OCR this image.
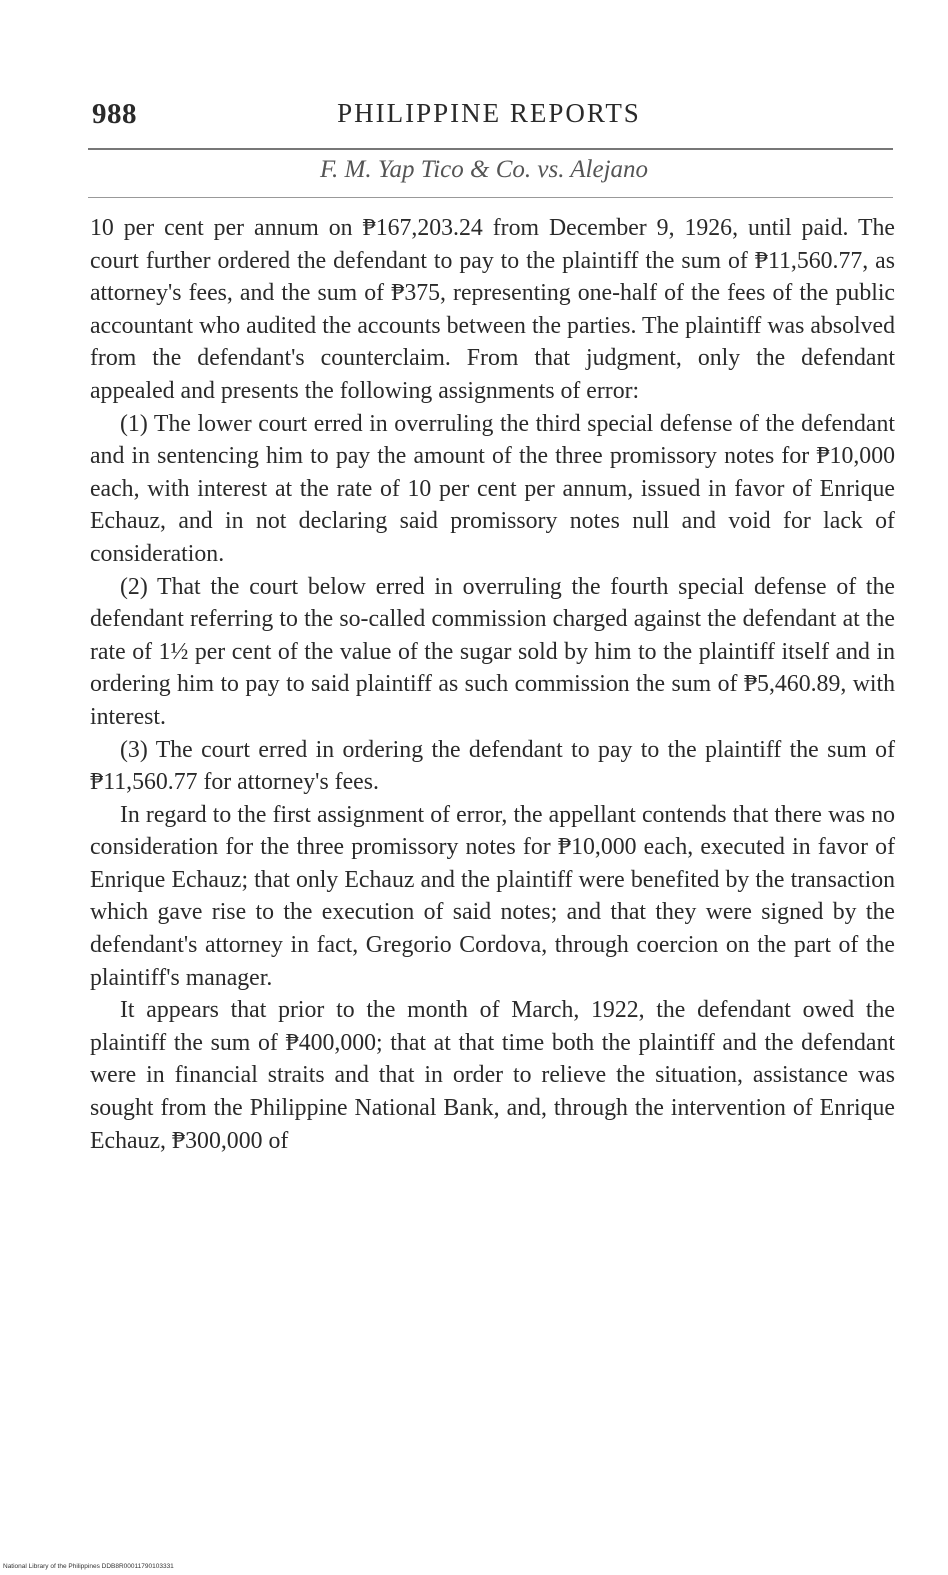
988	PHILIPPINE REPORTS
F. M. Yap Tico & Co. vs. Alejano

10 per cent per annum on ₱167,203.24 from December 9, 1926, until paid. The court further ordered the defendant to pay to the plaintiff the sum of ₱11,560.77, as attorney's fees, and the sum of ₱375, representing one-half of the fees of the public accountant who audited the accounts between the parties. The plaintiff was absolved from the defendant's counterclaim. From that judgment, only the defendant appealed and presents the following assignments of error:

(1) The lower court erred in overruling the third special defense of the defendant and in sentencing him to pay the amount of the three promissory notes for ₱10,000 each, with interest at the rate of 10 per cent per annum, issued in favor of Enrique Echauz, and in not declaring said promissory notes null and void for lack of consideration.

(2) That the court below erred in overruling the fourth special defense of the defendant referring to the so-called commission charged against the defendant at the rate of 1½ per cent of the value of the sugar sold by him to the plaintiff itself and in ordering him to pay to said plaintiff as such commission the sum of ₱5,460.89, with interest.

(3) The court erred in ordering the defendant to pay to the plaintiff the sum of ₱11,560.77 for attorney's fees.

In regard to the first assignment of error, the appellant contends that there was no consideration for the three promissory notes for ₱10,000 each, executed in favor of Enrique Echauz; that only Echauz and the plaintiff were benefited by the transaction which gave rise to the execution of said notes; and that they were signed by the defendant's attorney in fact, Gregorio Cordova, through coercion on the part of the plaintiff's manager.

It appears that prior to the month of March, 1922, the defendant owed the plaintiff the sum of ₱400,000; that at that time both the plaintiff and the defendant were in financial straits and that in order to relieve the situation, assistance was sought from the Philippine National Bank, and, through the intervention of Enrique Echauz, ₱300,000 of

National Library of the Philippines DDB8R00011790103331
